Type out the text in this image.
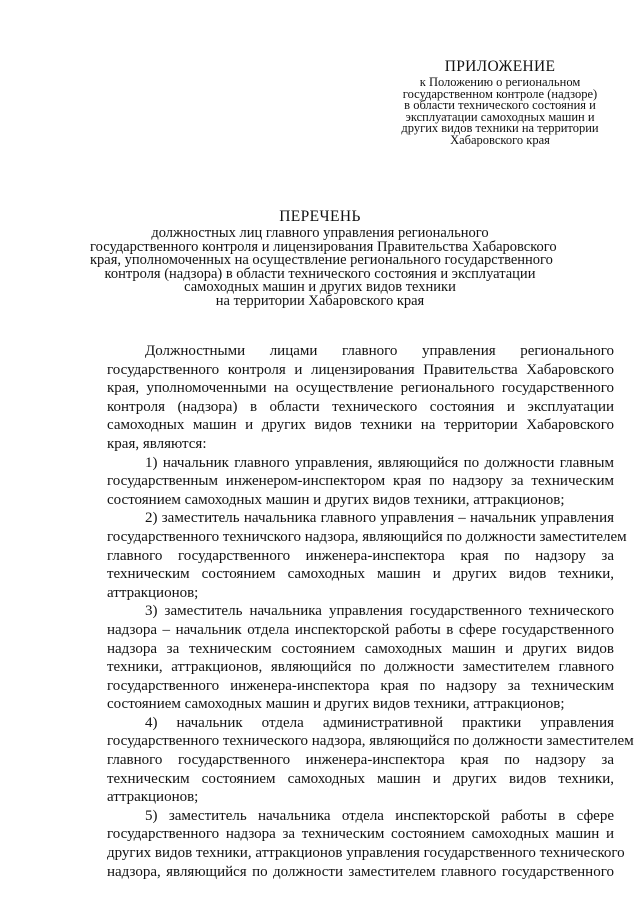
ПРИЛОЖЕНИЕ
к Положению о региональном
государственном контроле (надзоре)
в области технического состояния и
эксплуатации самоходных машин и
других видов техники на территории
Хабаровского края
ПЕРЕЧЕНЬ
должностных лиц главного управления регионального
государственного контроля и лицензирования Правительства Хабаровского
края, уполномоченных на осуществление регионального государственного
контроля (надзора) в области технического состояния и эксплуатации
самоходных машин и других видов техники
на территории Хабаровского края
Должностными лицами главного управления регионального
государственного контроля и лицензирования Правительства Хабаровского
края, уполномоченными на осуществление регионального государственного
контроля (надзора) в области технического состояния и эксплуатации
самоходных машин и других видов техники на территории Хабаровского
края, являются:
1) начальник главного управления, являющийся по должности главным
государственным инженером-инспектором края по надзору за техническим
состоянием самоходных машин и других видов техники, аттракционов;
2) заместитель начальника главного управления – начальник управления
государственного техничского надзора, являющийся по должности заместителем
главного государственного инженера-инспектора края по надзору за
техническим состоянием самоходных машин и других видов техники,
аттракционов;
3) заместитель начальника управления государственного технического
надзора – начальник отдела инспекторской работы в сфере государственного
надзора за техническим состоянием самоходных машин и других видов
техники, аттракционов, являющийся по должности заместителем главного
государственного инженера-инспектора края по надзору за техническим
состоянием самоходных машин и других видов техники, аттракционов;
4) начальник отдела административной практики управления
государственного технического надзора, являющийся по должности заместителем
главного государственного инженера-инспектора края по надзору за
техническим состоянием самоходных машин и других видов техники,
аттракционов;
5) заместитель начальника отдела инспекторской работы в сфере
государственного надзора за техническим состоянием самоходных машин и
других видов техники, аттракционов управления государственного технического
надзора, являющийся по должности заместителем главного государственного
